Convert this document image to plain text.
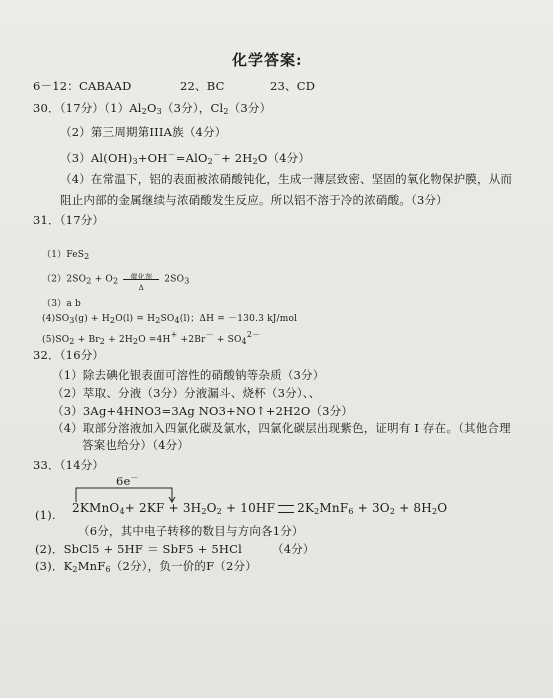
化学答案:
6－12：CABAAD	22、BC	23、CD
30．（17分）$(1)Al_2O_3(3$分），$Cl_2(3$分）
（2）第三周期第IIIA族（4分）
$(3)Al(OH)_3+OH^-=AlO_2^-+ 2H_2O(4$分）
（4）在常温下，铝的表面被浓硝酸钝化，生成一薄层致密、坚固的氧化物保护膜，从而
阻止内部的金属继续与浓硝酸发生反应。所以铝不溶于冷的浓硝酸。（3分）
31．（17分）
（1）FeS2
（2）2SO2 + O2	催化剂
Δ
2SO3
（3）a b
(4)SO3(g) + H2O(l) = H2SO4(l)；ΔH = －130.3 kJ/mol
(5)SO2 + Br2 + 2H2O =4H+ +2Br－ + SO42－
32．（16分）
（1）除去碘化银表面可溶性的硝酸钠等杂质（3分）
（2）萃取、分液（3分）分液漏斗、烧杯（3分）、、
（3）3Ag+4HNO3=3Ag NO3+NO↑+2H2O（3分）
（4）取部分溶液加入四氯化碳及氯水，四氯化碳层出现紫色，证明有 I 存在。（其他合理
答案也给分）（4分）
33．（14分）
6e－
(1). 2KMnO$_4$+ $2KF + 3H_2O_2 + 10HF$ $2K_2MnF_6 + 3O_2 + 8H_2O$
（6分，其中电子转移的数目与方向各1分）
(2)．SbCl5 + 5HF ＝ SbF5 + 5HCl	（4分）
(3)．$K_2MnF_6(2$分），负一价的F（2分）
